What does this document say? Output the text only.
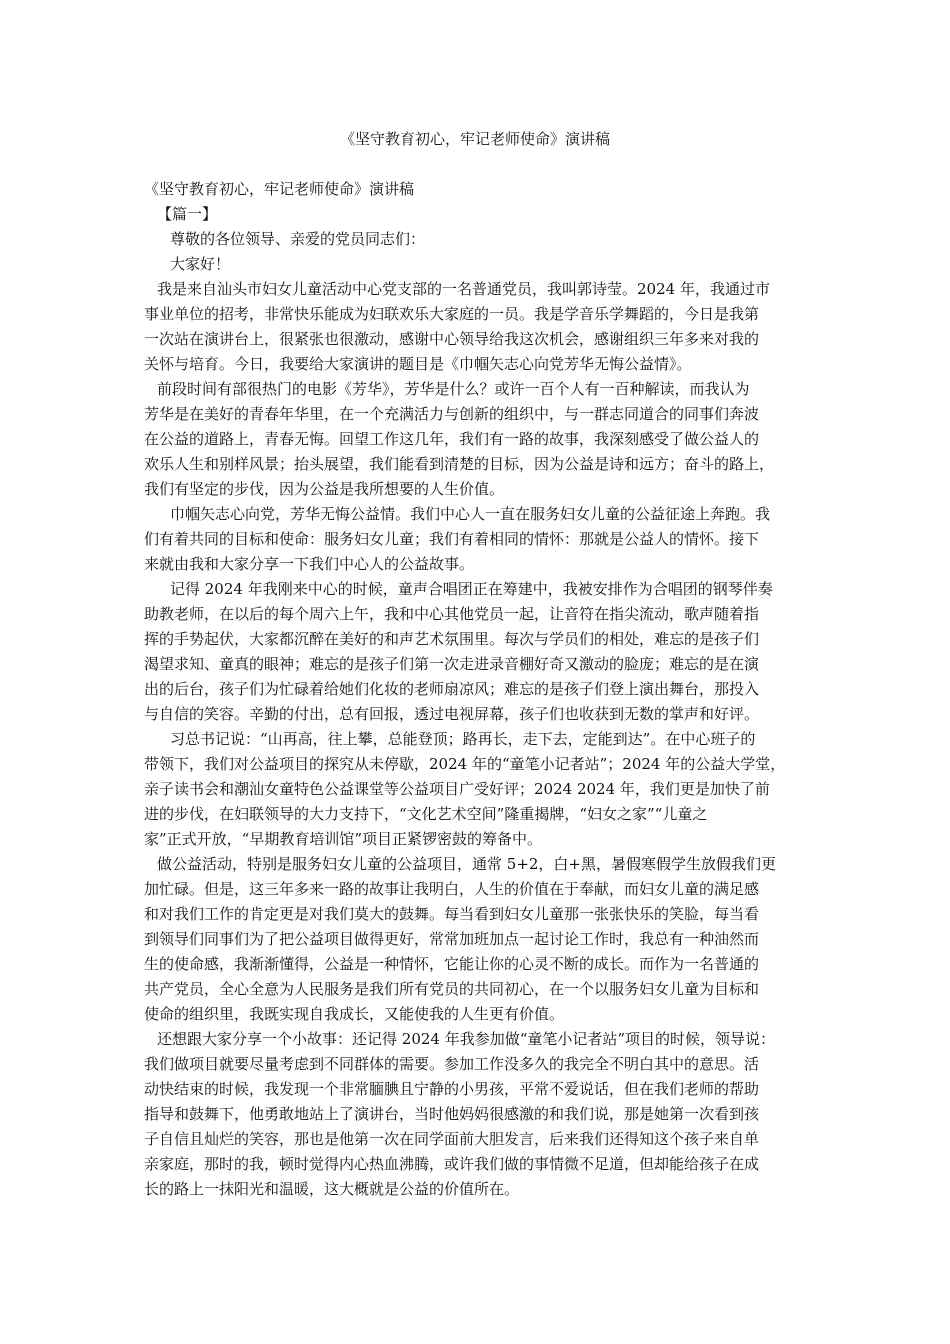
《坚守教育初心，牢记老师使命》演讲稿
《坚守教育初心，牢记老师使命》演讲稿
【篇一】
尊敬的各位领导、亲爱的党员同志们：
大家好！
我是来自汕头市妇女儿童活动中心党支部的一名普通党员，我叫郭诗莹。2024 年，我通过市
事业单位的招考，非常快乐能成为妇联欢乐大家庭的一员。我是学音乐学舞蹈的，今日是我第
一次站在演讲台上，很紧张也很激动，感谢中心领导给我这次机会，感谢组织三年多来对我的
关怀与培育。今日，我要给大家演讲的题目是《巾帼矢志心向党芳华无悔公益情》。
前段时间有部很热门的电影《芳华》，芳华是什么？或许一百个人有一百种解读，而我认为
芳华是在美好的青春年华里，在一个充满活力与创新的组织中，与一群志同道合的同事们奔波
在公益的道路上，青春无悔。回望工作这几年，我们有一路的故事，我深刻感受了做公益人的
欢乐人生和别样风景；抬头展望，我们能看到清楚的目标，因为公益是诗和远方；奋斗的路上，
我们有坚定的步伐，因为公益是我所想要的人生价值。
巾帼矢志心向党，芳华无悔公益情。我们中心人一直在服务妇女儿童的公益征途上奔跑。我
们有着共同的目标和使命：服务妇女儿童；我们有着相同的情怀：那就是公益人的情怀。接下
来就由我和大家分享一下我们中心人的公益故事。
记得 2024 年我刚来中心的时候，童声合唱团正在筹建中，我被安排作为合唱团的钢琴伴奏
助教老师，在以后的每个周六上午，我和中心其他党员一起，让音符在指尖流动，歌声随着指
挥的手势起伏，大家都沉醉在美好的和声艺术氛围里。每次与学员们的相处，难忘的是孩子们
渴望求知、童真的眼神；难忘的是孩子们第一次走进录音棚好奇又激动的脸庞；难忘的是在演
出的后台，孩子们为忙碌着给她们化妆的老师扇凉风；难忘的是孩子们登上演出舞台，那投入
与自信的笑容。辛勤的付出，总有回报，透过电视屏幕，孩子们也收获到无数的掌声和好评。
习总书记说：“山再高，往上攀，总能登顶；路再长，走下去，定能到达”。在中心班子的
带领下，我们对公益项目的探究从未停歇，2024 年的“童笔小记者站”；2024 年的公益大学堂，
亲子读书会和潮汕女童特色公益课堂等公益项目广受好评；2024 2024 年，我们更是加快了前
进的步伐，在妇联领导的大力支持下，“文化艺术空间”隆重揭牌，“妇女之家”“儿童之
家”正式开放，“早期教育培训馆”项目正紧锣密鼓的筹备中。
做公益活动，特别是服务妇女儿童的公益项目，通常 5+2，白+黑，暑假寒假学生放假我们更
加忙碌。但是，这三年多来一路的故事让我明白，人生的价值在于奉献，而妇女儿童的满足感
和对我们工作的肯定更是对我们莫大的鼓舞。每当看到妇女儿童那一张张快乐的笑脸，每当看
到领导们同事们为了把公益项目做得更好，常常加班加点一起讨论工作时，我总有一种油然而
生的使命感，我渐渐懂得，公益是一种情怀，它能让你的心灵不断的成长。而作为一名普通的
共产党员，全心全意为人民服务是我们所有党员的共同初心，在一个以服务妇女儿童为目标和
使命的组织里，我既实现自我成长，又能使我的人生更有价值。
还想跟大家分享一个小故事：还记得 2024 年我参加做“童笔小记者站”项目的时候，领导说：
我们做项目就要尽量考虑到不同群体的需要。参加工作没多久的我完全不明白其中的意思。活
动快结束的时候，我发现一个非常腼腆且宁静的小男孩，平常不爱说话，但在我们老师的帮助
指导和鼓舞下，他勇敢地站上了演讲台，当时他妈妈很感激的和我们说，那是她第一次看到孩
子自信且灿烂的笑容，那也是他第一次在同学面前大胆发言，后来我们还得知这个孩子来自单
亲家庭，那时的我，顿时觉得内心热血沸腾，或许我们做的事情微不足道，但却能给孩子在成
长的路上一抹阳光和温暖，这大概就是公益的价值所在。
